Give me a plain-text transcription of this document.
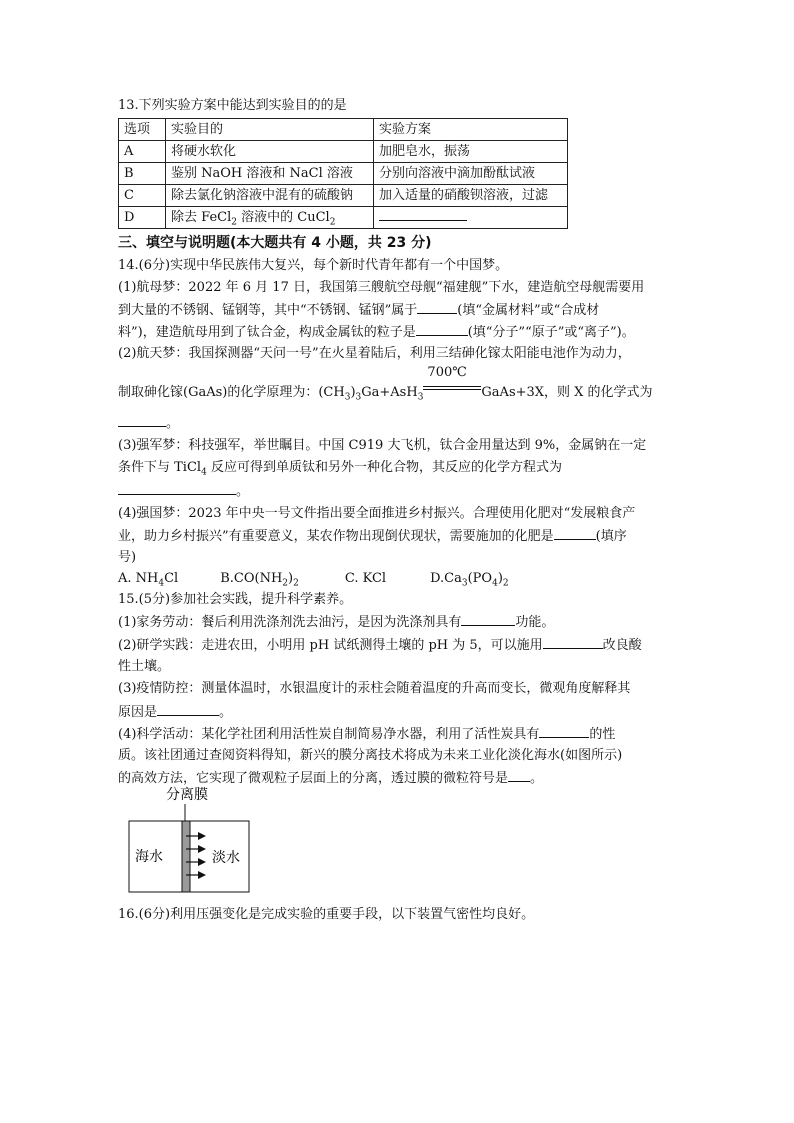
13.下列实验方案中能达到实验目的的是
选项	实验目的	实验方案
A	将硬水软化	加肥皂水，振荡
B	鉴别 NaOH 溶液和 NaCl 溶液	分别向溶液中滴加酚酞试液
C	除去氯化钠溶液中混有的硫酸钠	加入适量的硝酸钡溶液，过滤
D	除去 FeCl$_2$ 溶液中的 CuCl$_2$	
三、填空与说明题(本大题共有 4 小题，共 23 分)
14.(6分)实现中华民族伟大复兴，每个新时代青年都有一个中国梦。
(1)航母梦：2022 年 6 月 17 日，我国第三艘航空母舰“福建舰”下水，建造航空母舰需要用
到大量的不锈钢、锰钢等，其中“不锈钢、锰钢”属于	(填“金属材料”或“合成材
料”)，建造航母用到了钛合金，构成金属钛的粒子是	(填“分子”“原子”或“离子”)。
(2)航天梦：我国探测器“天问一号”在火星着陆后，利用三结砷化镓太阳能电池作为动力，
制取砷化镓(GaAs)的化学原理为：$(CH_3)_3Ga+AsH_3$
700℃
GaAs+3X，则 X 的化学式为
。
(3)强军梦：科技强军，举世瞩目。中国 C919 大飞机，钛合金用量达到 9%，金属钠在一定
条件下与 TiCl$_4$ 反应可得到单质钛和另外一种化合物，其反应的化学方程式为
。
(4)强国梦：2023 年中央一号文件指出要全面推进乡村振兴。合理使用化肥对“发展粮食产
业，助力乡村振兴”有重要意义，某农作物出现倒伏现状，需要施加的化肥是	(填序
号)
A. $NH_4Cl$	$B.CO(NH_2)_2$	C. KCl	$D.Ca_3(PO_4)_2$
15.(5分)参加社会实践，提升科学素养。
(1)家务劳动：餐后利用洗涤剂洗去油污，是因为洗涤剂具有	功能。
(2)研学实践：走进农田，小明用 pH 试纸测得土壤的 pH 为 5，可以施用	改良酸
性土壤。
(3)疫情防控：测量体温时，水银温度计的汞柱会随着温度的升高而变长，微观角度解释其
原因是	。
(4)科学活动：某化学社团利用活性炭自制简易净水器，利用了活性炭具有	的性
质。该社团通过查阅资料得知，新兴的膜分离技术将成为未来工业化淡化海水(如图所示)
的高效方法，它实现了微观粒子层面上的分离，透过膜的微粒符号是 。
分离膜
海水	淡水
16.(6分)利用压强变化是完成实验的重要手段，以下装置气密性均良好。
